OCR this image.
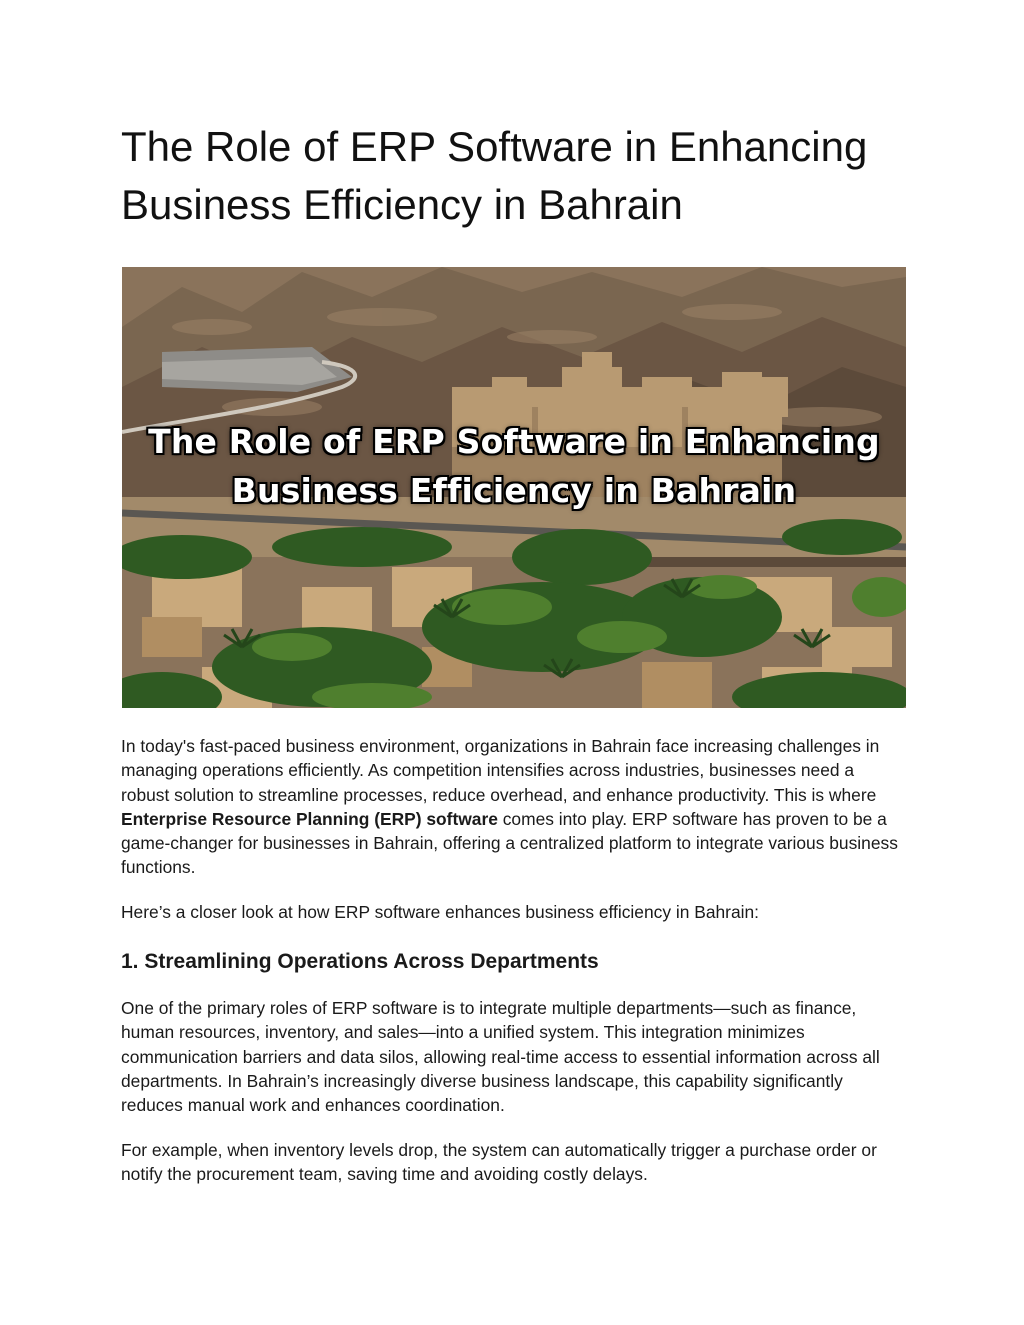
The Role of ERP Software in Enhancing Business Efficiency in Bahrain
The Role of ERP Software in Enhancing
Business Efficiency in Bahrain

In today's fast-paced business environment, organizations in Bahrain face increasing challenges in managing operations efficiently. As competition intensifies across industries, businesses need a robust solution to streamline processes, reduce overhead, and enhance productivity. This is where Enterprise Resource Planning (ERP) software comes into play. ERP software has proven to be a game-changer for businesses in Bahrain, offering a centralized platform to integrate various business functions.

Here’s a closer look at how ERP software enhances business efficiency in Bahrain:

1. Streamlining Operations Across Departments

One of the primary roles of ERP software is to integrate multiple departments—such as finance, human resources, inventory, and sales—into a unified system. This integration minimizes communication barriers and data silos, allowing real-time access to essential information across all departments. In Bahrain’s increasingly diverse business landscape, this capability significantly reduces manual work and enhances coordination.

For example, when inventory levels drop, the system can automatically trigger a purchase order or notify the procurement team, saving time and avoiding costly delays.
